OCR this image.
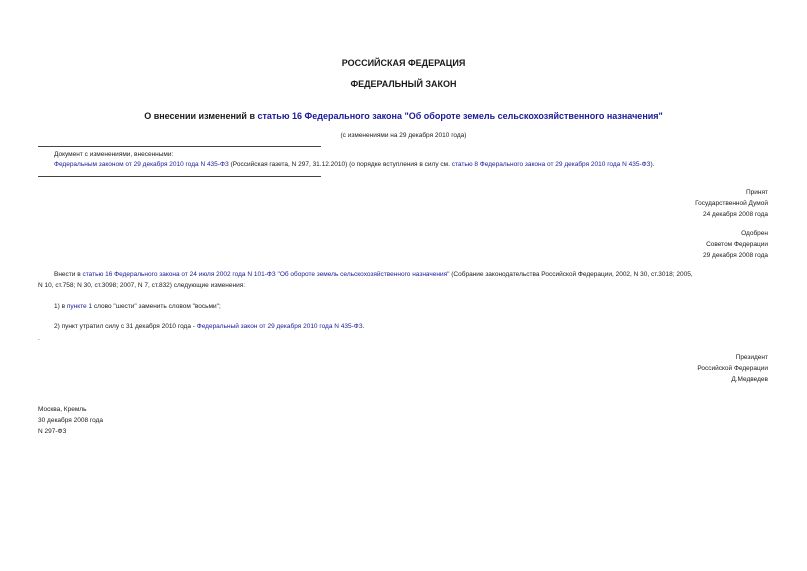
РОССИЙСКАЯ ФЕДЕРАЦИЯ
ФЕДЕРАЛЬНЫЙ ЗАКОН
О внесении изменений в статью 16 Федерального закона "Об обороте земель сельскохозяйственного назначения"
(с изменениями на 29 декабря 2010 года)
Документ с изменениями, внесенными:
Федеральным законом от 29 декабря 2010 года N 435-ФЗ (Российская газета, N 297, 31.12.2010) (о порядке вступления в силу см. статью 8 Федерального закона от 29 декабря 2010 года N 435-ФЗ).
Принят
Государственной Думой
24 декабря 2008 года
Одобрен
Советом Федерации
29 декабря 2008 года
Внести в статью 16 Федерального закона от 24 июля 2002 года N 101-ФЗ "Об обороте земель сельскохозяйственного назначения" (Собрание законодательства Российской Федерации, 2002, N 30, ст.3018; 2005,
N 10, ст.758; N 30, ст.3098; 2007, N 7, ст.832) следующие изменения:
1) в пункте 1 слово "шести" заменить словом "восьми";
2) пункт утратил силу с 31 декабря 2010 года - Федеральный закон от 29 декабря 2010 года N 435-ФЗ.
.
Президент
Российской Федерации
Д.Медведев
Москва, Кремль
30 декабря 2008 года
N 297-ФЗ
